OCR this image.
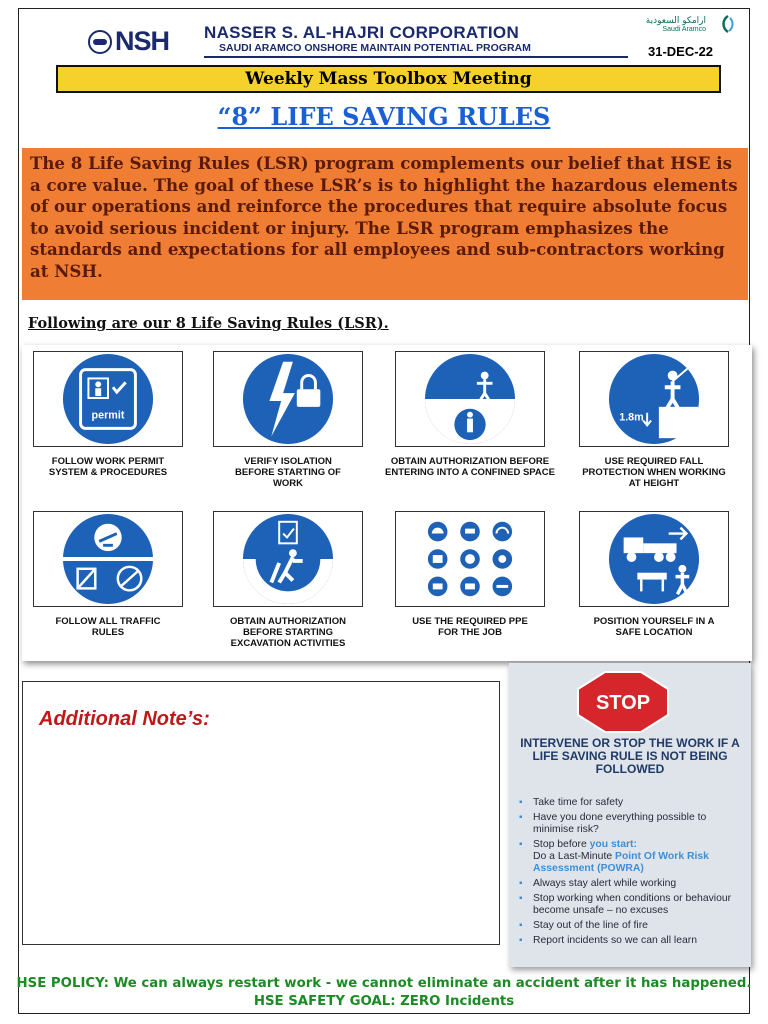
NSH NASSER S. AL-HAJRI CORPORATION
SAUDI ARAMCO ONSHORE MAINTAIN POTENTIAL PROGRAM
ارامكو السعودية
Saudi Aramco
31-DEC-22
Weekly Mass Toolbox Meeting
“8” LIFE SAVING RULES
The 8 Life Saving Rules (LSR) program complements our belief that HSE is a core value. The goal of these LSR’s is to highlight the hazardous elements of our operations and reinforce the procedures that require absolute focus to avoid serious incident or injury. The LSR program emphasizes the standards and expectations for all employees and sub-contractors working at NSH.
Following are our 8 Life Saving Rules (LSR).
permit
FOLLOW WORK PERMIT SYSTEM & PROCEDURES
VERIFY ISOLATION BEFORE STARTING OF WORK
OBTAIN AUTHORIZATION BEFORE ENTERING INTO A CONFINED SPACE
1.8m
USE REQUIRED FALL PROTECTION WHEN WORKING AT HEIGHT
FOLLOW ALL TRAFFIC RULES
OBTAIN AUTHORIZATION BEFORE STARTING EXCAVATION ACTIVITIES
USE THE REQUIRED PPE FOR THE JOB
POSITION YOURSELF IN A SAFE LOCATION
Additional Note’s:
STOP
INTERVENE OR STOP THE WORK IF A LIFE SAVING RULE IS NOT BEING FOLLOWED
▪ Take time for safety
▪ Have you done everything possible to minimise risk?
▪ Stop before you start:
Do a Last-Minute Point Of Work Risk Assessment (POWRA)
▪ Always stay alert while working
▪ Stop working when conditions or behaviour become unsafe – no excuses
▪ Stay out of the line of fire
▪ Report incidents so we can all learn
HSE POLICY: We can always restart work - we cannot eliminate an accident after it has happened.
HSE SAFETY GOAL: ZERO Incidents
